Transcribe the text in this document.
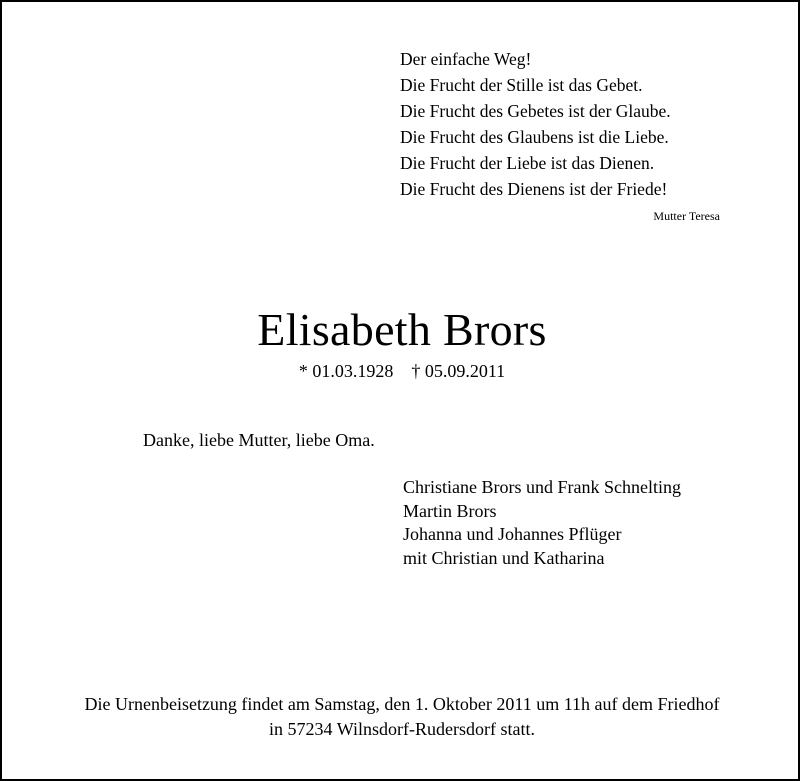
Der einfache Weg!
Die Frucht der Stille ist das Gebet.
Die Frucht des Gebetes ist der Glaube.
Die Frucht des Glaubens ist die Liebe.
Die Frucht der Liebe ist das Dienen.
Die Frucht des Dienens ist der Friede!
Mutter Teresa
Elisabeth Brors
* 01.03.1928 † 05.09.2011
Danke, liebe Mutter, liebe Oma.
Christiane Brors und Frank Schnelting
Martin Brors
Johanna und Johannes Pflüger
mit Christian und Katharina
Die Urnenbeisetzung findet am Samstag, den 1. Oktober 2011 um 11h auf dem Friedhof
in 57234 Wilnsdorf-Rudersdorf statt.
